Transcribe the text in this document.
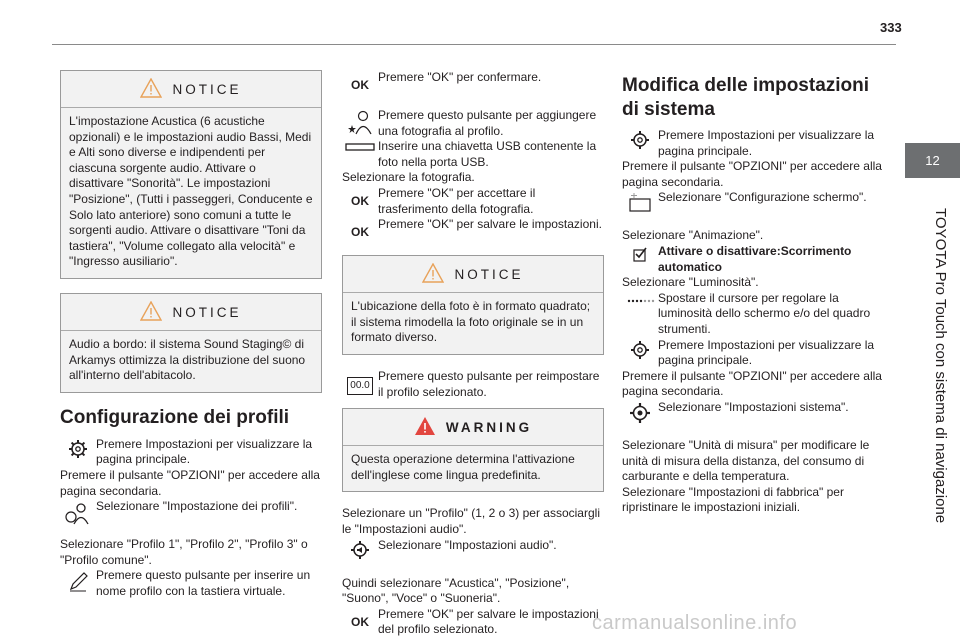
333
12
TOYOTA Pro Touch con sistema di navigazione
NOTICE

L'impostazione Acustica (6 acustiche opzionali) e le impostazioni audio Bassi, Medi e Alti sono diverse e indipendenti per ciascuna sorgente audio. Attivare o disattivare "Sonorità". Le impostazioni "Posizione", (Tutti i passeggeri, Conducente e Solo lato anteriore) sono comuni a tutte le sorgenti audio. Attivare o disattivare "Toni da tastiera", "Volume collegato alla velocità" e "Ingresso ausiliario".

NOTICE

Audio a bordo: il sistema Sound Staging© di Arkamys ottimizza la distribuzione del suono all'interno dell'abitacolo.

Configurazione dei profili
Premere Impostazioni per visualizzare la pagina principale.

Premere il pulsante "OPZIONI" per accedere alla pagina secondaria.

Selezionare "Impostazione dei profili".

Selezionare "Profilo 1", "Profilo 2", "Profilo 3" o "Profilo comune".

Premere questo pulsante per inserire un nome profilo con la tastiera virtuale.
OK
Premere "OK" per confermare.
Premere questo pulsante per aggiungere una fotografia al profilo.
Inserire una chiavetta USB contenente la foto nella porta USB.

Selezionare la fotografia.

OK
Premere "OK" per accettare il trasferimento della fotografia.
OK
Premere "OK" per salvare le impostazioni.
NOTICE

L'ubicazione della foto è in formato quadrato; il sistema rimodella la foto originale se in un formato diverso.

00.0
Premere questo pulsante per reimpostare il profilo selezionato.
WARNING

Questa operazione determina l'attivazione dell'inglese come lingua predefinita.

Selezionare un "Profilo" (1, 2 o 3) per associargli le "Impostazioni audio".

Selezionare "Impostazioni audio".

Quindi selezionare "Acustica", "Posizione", "Suono", "Voce" o "Suoneria".

OK
Premere "OK" per salvare le impostazioni del profilo selezionato.
Modifica delle impostazioni di sistema
Premere Impostazioni per visualizzare la pagina principale.

Premere il pulsante "OPZIONI" per accedere alla pagina secondaria.

Selezionare "Configurazione schermo".

Selezionare "Animazione".

Attivare o disattivare:Scorrimento automatico

Selezionare "Luminosità".

Spostare il cursore per regolare la luminosità dello schermo e/o del quadro strumenti.
Premere Impostazioni per visualizzare la pagina principale.

Premere il pulsante "OPZIONI" per accedere alla pagina secondaria.

Selezionare "Impostazioni sistema".

Selezionare "Unità di misura" per modificare le unità di misura della distanza, del consumo di carburante e della temperatura.

Selezionare "Impostazioni di fabbrica" per ripristinare le impostazioni iniziali.

carmanualsonline.info
